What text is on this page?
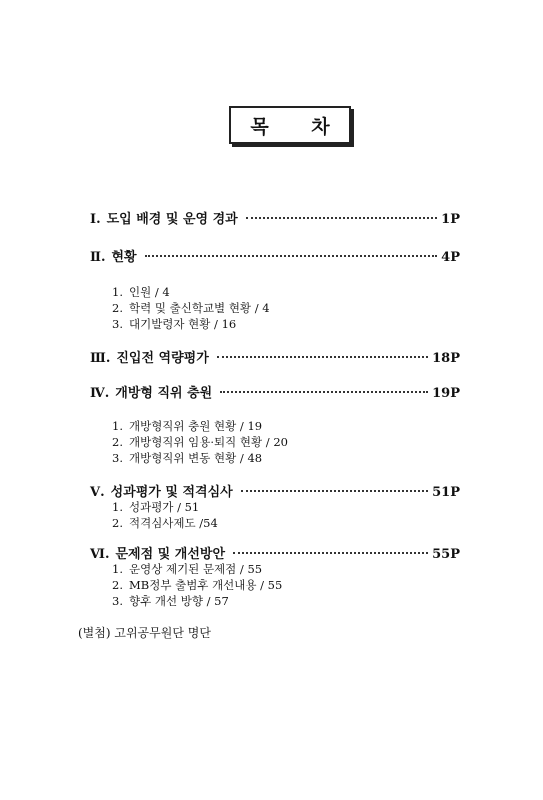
목 차
Ⅰ. 도입 배경 및 운영 경과	1P
Ⅱ. 현황	4P
1. 인원 / 4
2. 학력 및 출신학교별 현황 / 4
3. 대기발령자 현황 / 16
Ⅲ. 진입전 역량평가	18P
Ⅳ. 개방형 직위 충원	19P
1. 개방형직위 충원 현황 / 19
2. 개방형직위 임용·퇴직 현황 / 20
3. 개방형직위 변동 현황 / 48
Ⅴ. 성과평가 및 적격심사	51P
1. 성과평가 / 51
2. 적격심사제도 /54
Ⅵ. 문제점 및 개선방안	55P
1. 운영상 제기된 문제점 / 55
2. MB정부 출범후 개선내용 / 55
3. 향후 개선 방향 / 57
(별첨) 고위공무원단 명단
